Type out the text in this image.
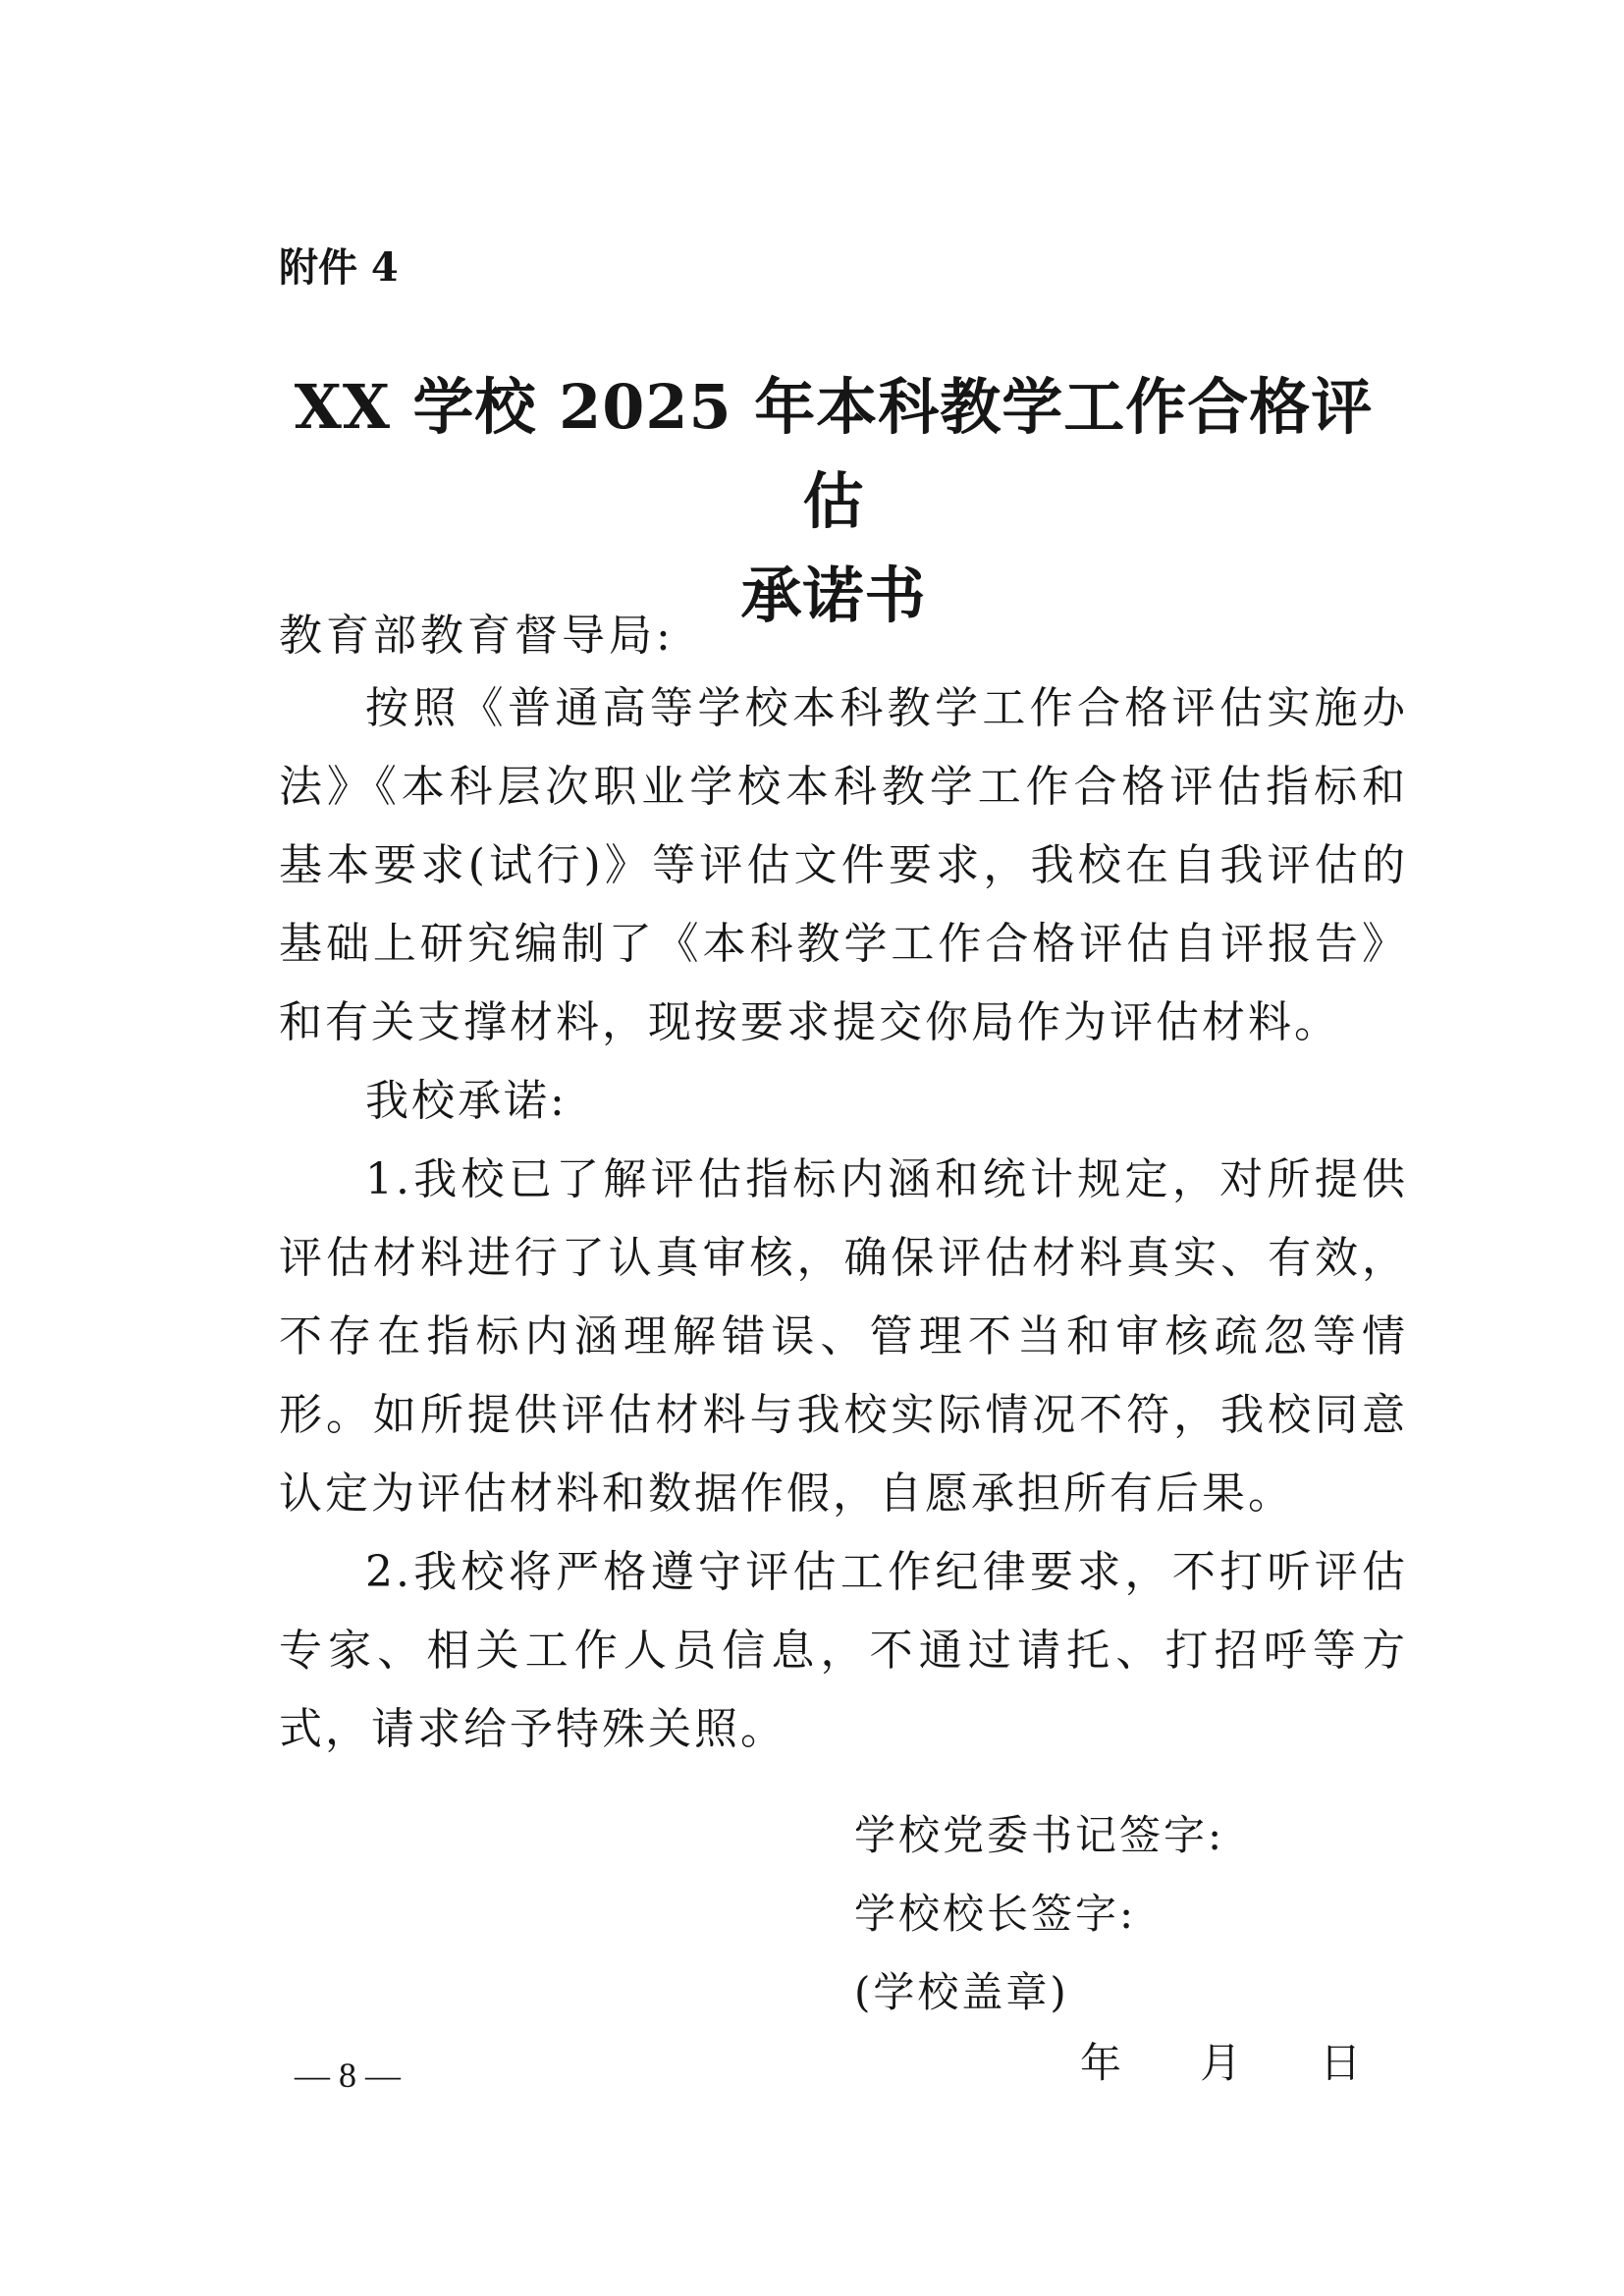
附件 4
XX 学校 2025 年本科教学工作合格评估
承诺书
教育部教育督导局:

按照《普通高等学校本科教学工作合格评估实施办法》《本科层次职业学校本科教学工作合格评估指标和基本要求(试行)》等评估文件要求，我校在自我评估的基础上研究编制了《本科教学工作合格评估自评报告》和有关支撑材料，现按要求提交你局作为评估材料。

我校承诺:

1.我校已了解评估指标内涵和统计规定，对所提供评估材料进行了认真审核，确保评估材料真实、有效，不存在指标内涵理解错误、管理不当和审核疏忽等情形。如所提供评估材料与我校实际情况不符，我校同意认定为评估材料和数据作假，自愿承担所有后果。

2.我校将严格遵守评估工作纪律要求，不打听评估专家、相关工作人员信息，不通过请托、打招呼等方式，请求给予特殊关照。

学校党委书记签字:
学校校长签字:
(学校盖章)
年      月      日
— 8 —
